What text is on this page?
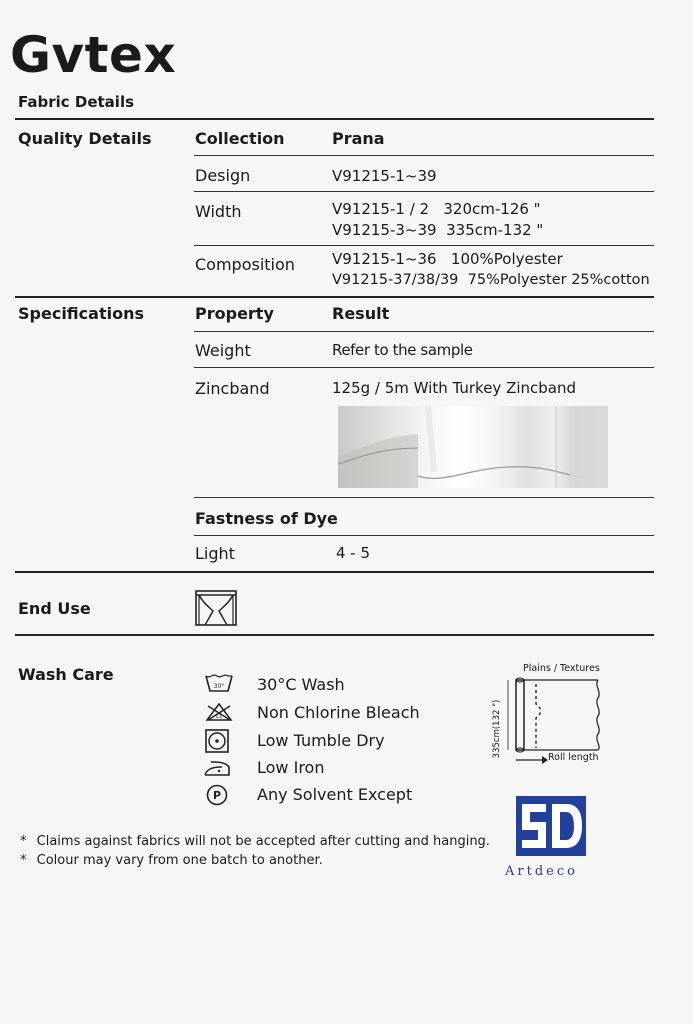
Gvtex
Fabric Details
Quality Details	Collection	Prana
Design	V91215-1~39
Width	V91215-1 / 2   320cm-126 "
V91215-3~39  335cm-132 "
Composition V91215-1~36   100%Polyester
V91215-37/38/39  75%Polyester 25%cotton
Specifications	Property	Result
Weight	Refer to the sample
Zincband	125g / 5m With Turkey Zincband
Fastness of Dye
Light	4 - 5
End Use
Wash Care
30° 30°C Wash
CL Non Chlorine Bleach
Low Tumble Dry
Low Iron
P Any Solvent Except
Plains / Textures
335cm(132 ")	Roll length
* Claims against fabrics will not be accepted after cutting and hanging.
* Colour may vary from one batch to another.
Artdeco
